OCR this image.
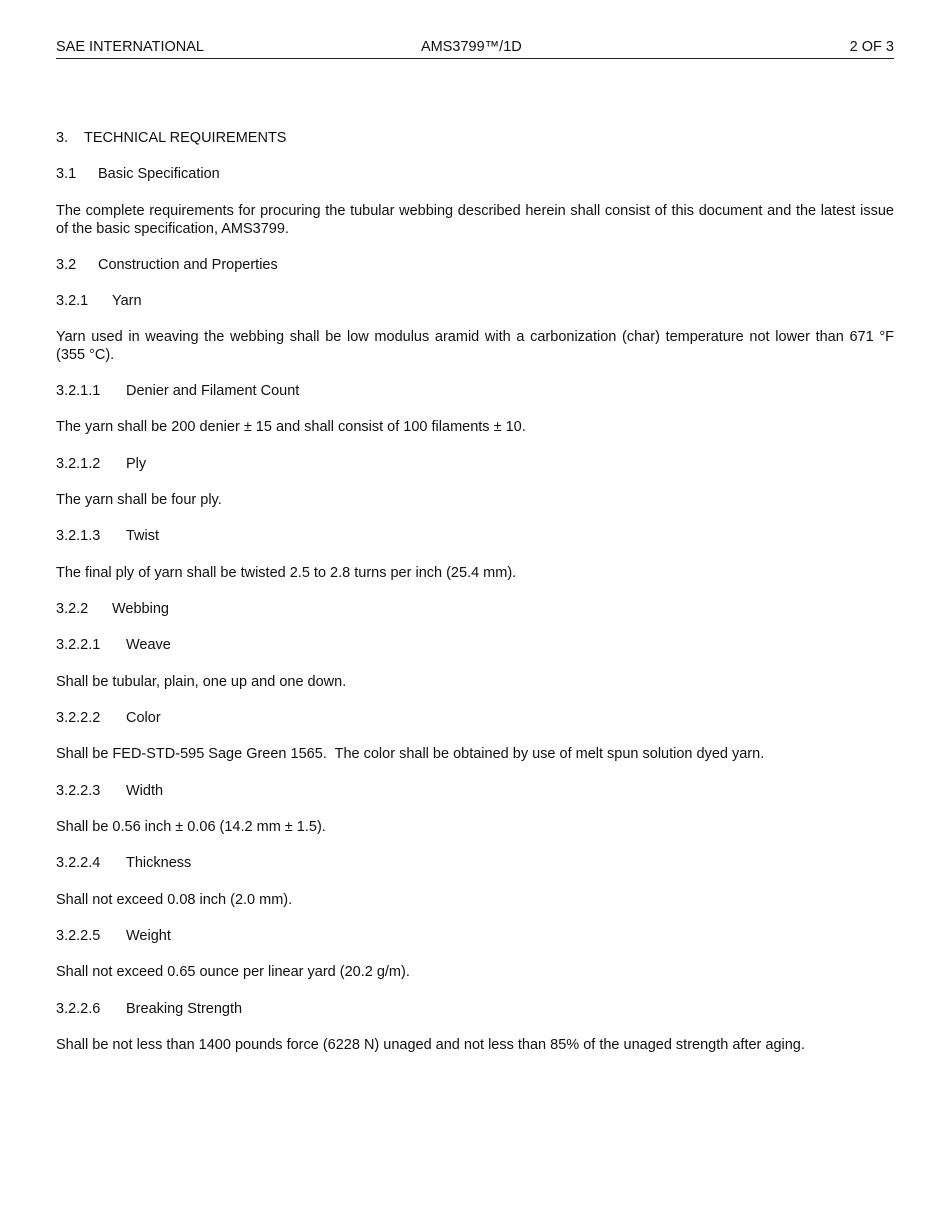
SAE INTERNATIONAL	AMS3799™/1D	2 OF 3

3. TECHNICAL REQUIREMENTS

3.1 Basic Specification

The complete requirements for procuring the tubular webbing described herein shall consist of this document and the latest issue of the basic specification, AMS3799.

3.2 Construction and Properties

3.2.1 Yarn

Yarn used in weaving the webbing shall be low modulus aramid with a carbonization (char) temperature not lower than 671 °F (355 °C).

3.2.1.1 Denier and Filament Count

The yarn shall be 200 denier ± 15 and shall consist of 100 filaments ± 10.

3.2.1.2 Ply

The yarn shall be four ply.

3.2.1.3 Twist

The final ply of yarn shall be twisted 2.5 to 2.8 turns per inch (25.4 mm).

3.2.2 Webbing

3.2.2.1 Weave

Shall be tubular, plain, one up and one down.

3.2.2.2 Color

Shall be FED-STD-595 Sage Green 1565.  The color shall be obtained by use of melt spun solution dyed yarn.

3.2.2.3 Width

Shall be 0.56 inch ± 0.06 (14.2 mm ± 1.5).

3.2.2.4 Thickness

Shall not exceed 0.08 inch (2.0 mm).

3.2.2.5 Weight

Shall not exceed 0.65 ounce per linear yard (20.2 g/m).

3.2.2.6 Breaking Strength

Shall be not less than 1400 pounds force (6228 N) unaged and not less than 85% of the unaged strength after aging.
